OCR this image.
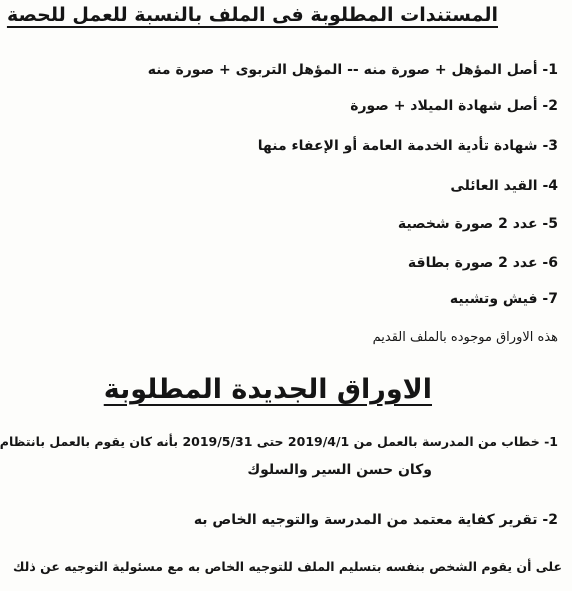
المستندات المطلوبة فى الملف بالنسبة للعمل للحصة
1- أصل المؤهل + صورة منه -- المؤهل التربوى + صورة منه
2- أصل شهادة الميلاد + صورة
3- شهادة تأدية الخدمة العامة أو الإعفاء منها
4- القيد العائلى
5- عدد 2 صورة شخصية
6- عدد 2 صورة بطاقة
7- فيش وتشبيه
هذه الاوراق موجوده بالملف القديم
الاوراق الجديدة المطلوبة
1- خطاب من المدرسة بالعمل من 2019/4/1 حتى 2019/5/31 بأنه كان يقوم بالعمل بانتظام
وكان حسن السير والسلوك
2- تقرير كفاية معتمد من المدرسة والتوجيه الخاص به
على أن يقوم الشخص بنفسه بتسليم الملف للتوجيه الخاص به مع مسئولية التوجيه عن ذلك
